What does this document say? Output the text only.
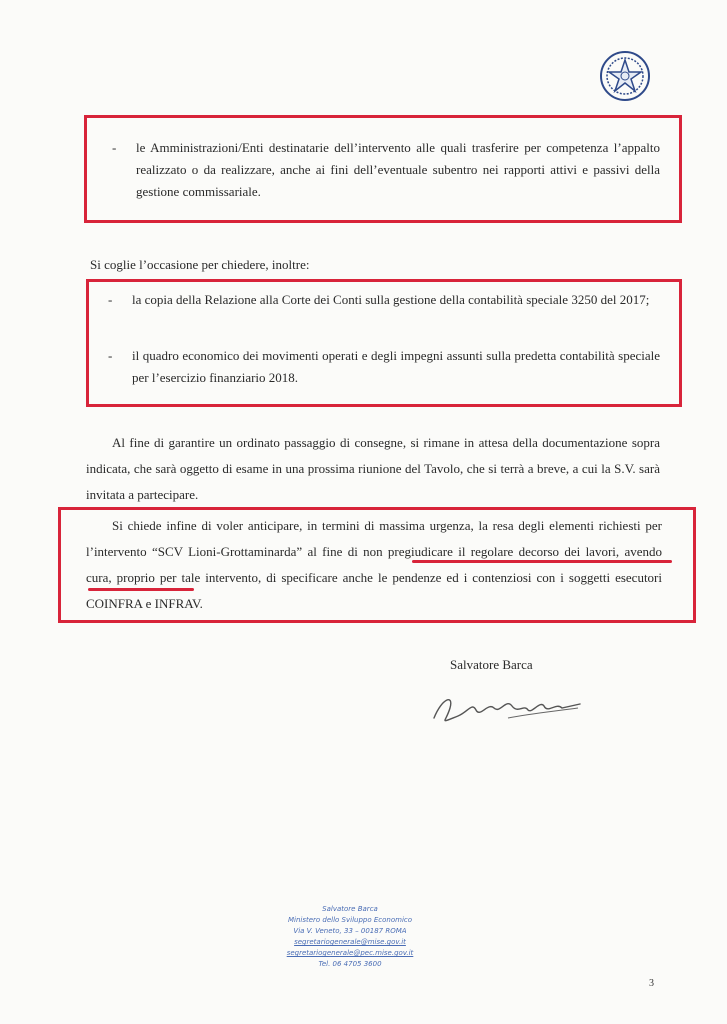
- le Amministrazioni/Enti destinatarie dell’intervento alle quali trasferire per competenza l’appalto realizzato o da realizzare, anche ai fini dell’eventuale subentro nei rapporti attivi e passivi della gestione commissariale.
Si coglie l’occasione per chiedere, inoltre:
- la copia della Relazione alla Corte dei Conti sulla gestione della contabilità speciale 3250 del 2017;
- il quadro economico dei movimenti operati e degli impegni assunti sulla predetta contabilità speciale per l’esercizio finanziario 2018.
Al fine di garantire un ordinato passaggio di consegne, si rimane in attesa della documentazione sopra indicata, che sarà oggetto di esame in una prossima riunione del Tavolo, che si terrà a breve, a cui la S.V. sarà invitata a partecipare.
Si chiede infine di voler anticipare, in termini di massima urgenza, la resa degli elementi richiesti per l’intervento “SCV Lioni-Grottaminarda” al fine di non pregiudicare il regolare decorso dei lavori, avendo cura, proprio per tale intervento, di specificare anche le pendenze ed i contenziosi con i soggetti esecutori COINFRA e INFRAV.
Salvatore Barca
Salvatore Barca
Ministero dello Sviluppo Economico
Via V. Veneto, 33 – 00187 ROMA
segretariogenerale@mise.gov.it
segretariogenerale@pec.mise.gov.it
Tel. 06 4705 3600
3
